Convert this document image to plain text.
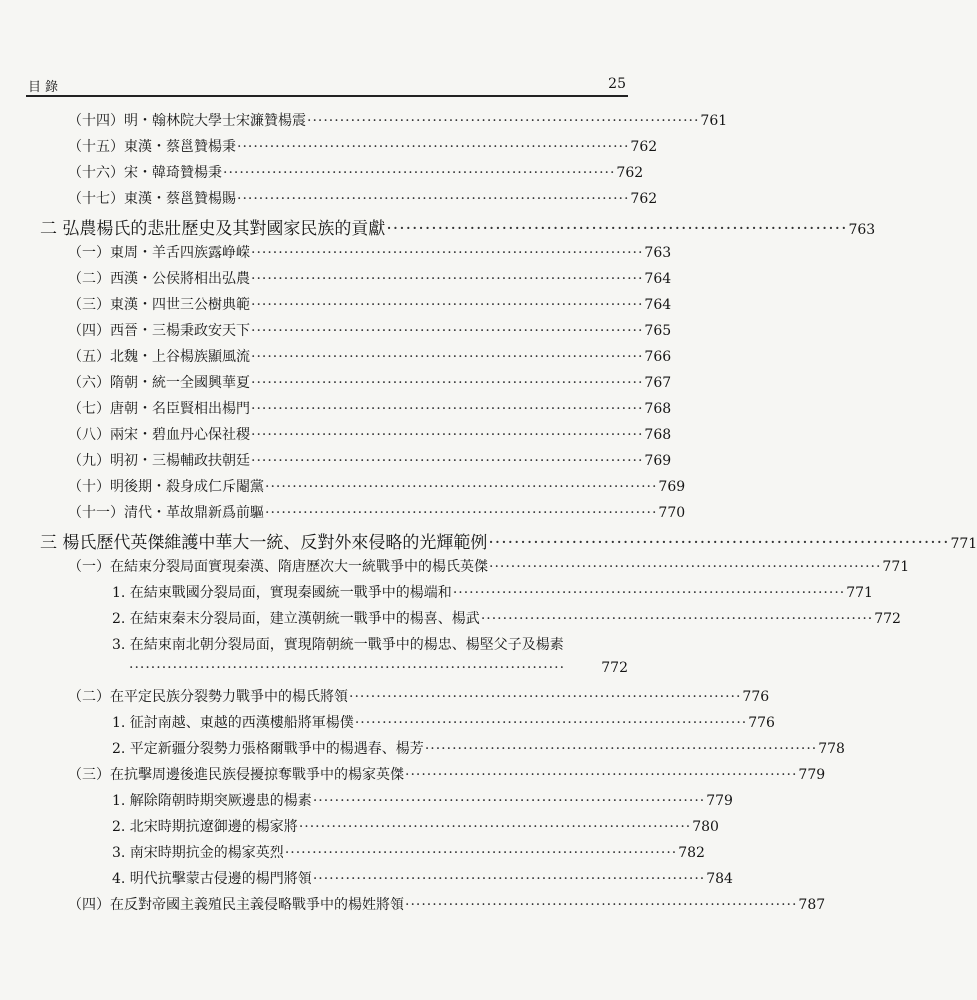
目錄	25
（十四）明・翰林院大學士宋濂贊楊震 ········································································ 761
（十五）東漢・蔡邕贊楊秉 ········································································ 762
（十六）宋・韓琦贊楊秉 ········································································ 762
（十七）東漢・蔡邕贊楊賜 ········································································ 762
二 弘農楊氏的悲壯歷史及其對國家民族的貢獻 ········································································ 763
（一）東周・羊舌四族露峥嵘 ········································································ 763
（二）西漢・公侯將相出弘農 ········································································ 764
（三）東漢・四世三公樹典範 ········································································ 764
（四）西晉・三楊秉政安天下 ········································································ 765
（五）北魏・上谷楊族顯風流 ········································································ 766
（六）隋朝・統一全國興華夏 ········································································ 767
（七）唐朝・名臣賢相出楊門 ········································································ 768
（八）兩宋・碧血丹心保社稷 ········································································ 768
（九）明初・三楊輔政扶朝廷 ········································································ 769
（十）明後期・殺身成仁斥閹黨 ········································································ 769
（十一）清代・革故鼎新爲前驅 ········································································ 770
三 楊氏歷代英傑維護中華大一統、反對外來侵略的光輝範例 ········································································ 771
（一）在結束分裂局面實現秦漢、隋唐歷次大一統戰爭中的楊氏英傑 ········································································ 771
1. 在結束戰國分裂局面，實現秦國統一戰爭中的楊端和 ········································································ 771
2. 在結束秦末分裂局面，建立漢朝統一戰爭中的楊喜、楊武 ········································································ 772
3. 在結束南北朝分裂局面，實現隋朝統一戰爭中的楊忠、楊堅父子及楊素
················································································	772
（二）在平定民族分裂勢力戰爭中的楊氏將領 ········································································ 776
1. 征討南越、東越的西漢樓船將軍楊僕 ········································································ 776
2. 平定新疆分裂勢力張格爾戰爭中的楊遇春、楊芳 ········································································ 778
（三）在抗擊周邊後進民族侵擾掠奪戰爭中的楊家英傑 ········································································ 779
1. 解除隋朝時期突厥邊患的楊素 ········································································ 779
2. 北宋時期抗遼御邊的楊家將 ········································································ 780
3. 南宋時期抗金的楊家英烈 ········································································ 782
4. 明代抗擊蒙古侵邊的楊門將領 ········································································ 784
（四）在反對帝國主義殖民主義侵略戰爭中的楊姓將領 ········································································ 787
